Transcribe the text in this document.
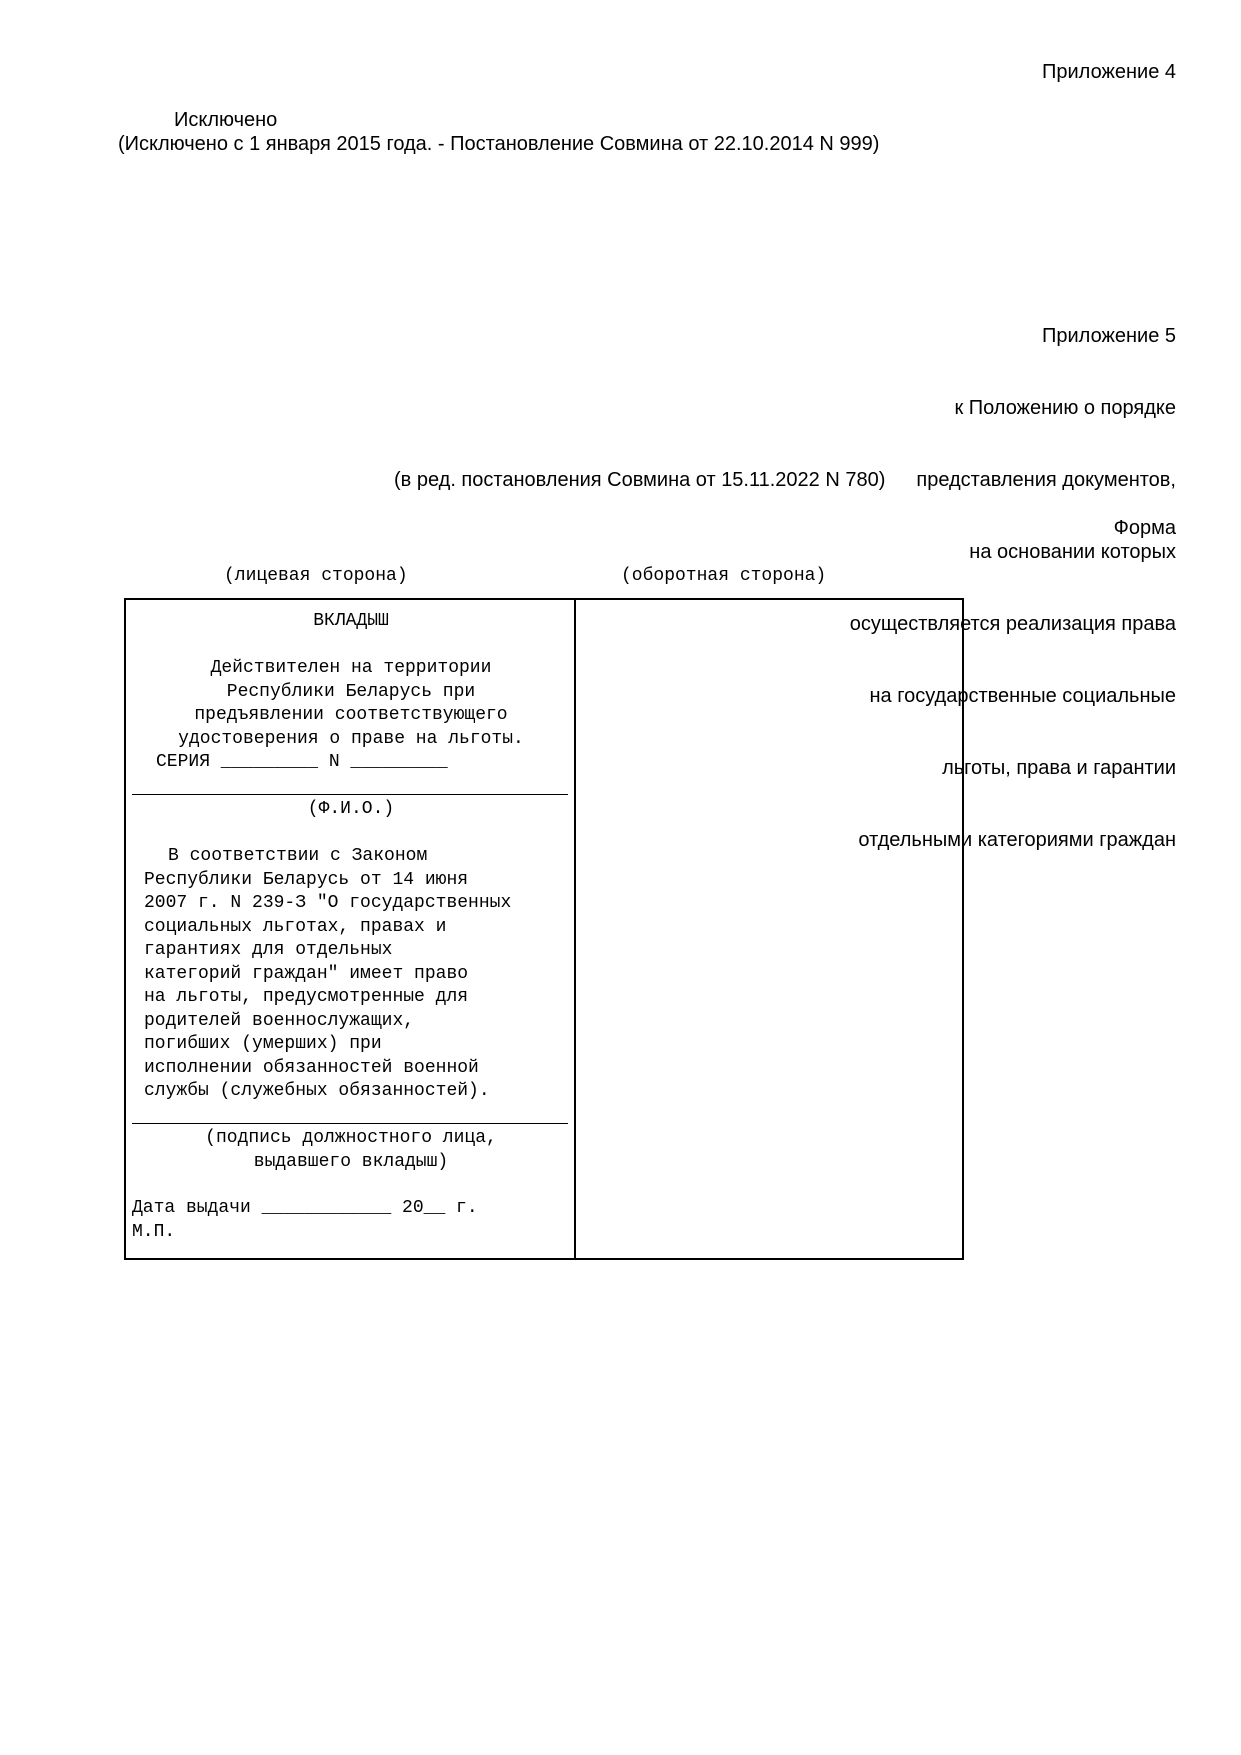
Приложение 4
Исключено
(Исключено с 1 января 2015 года. - Постановление Совмина от 22.10.2014 N 999)

Приложение 5

к Положению о порядке

представления документов,

на основании которых

осуществляется реализация права

на государственные социальные

льготы, права и гарантии

отдельными категориями граждан

(в ред. постановления Совмина от 15.11.2022 N 780)
Форма

(лицевая сторона)

	(оборотная сторона)

ВКЛАДЫШ
Действителен на территории
Республики Беларусь при
предъявлении соответствующего
удостоверения о праве на льготы.
СЕРИЯ _________ N _________
(Ф.И.О.)
В соответствии с Законом
Республики Беларусь от 14 июня
2007 г. N 239-З "О государственных
социальных льготах, правах и
гарантиях для отдельных
категорий граждан" имеет право
на льготы, предусмотренные для
родителей военнослужащих,
погибших (умерших) при
исполнении обязанностей военной
службы (служебных обязанностей).
(подпись должностного лица,
выдавшего вкладыш)
Дата выдачи ____________ 20__ г.
М.П.
